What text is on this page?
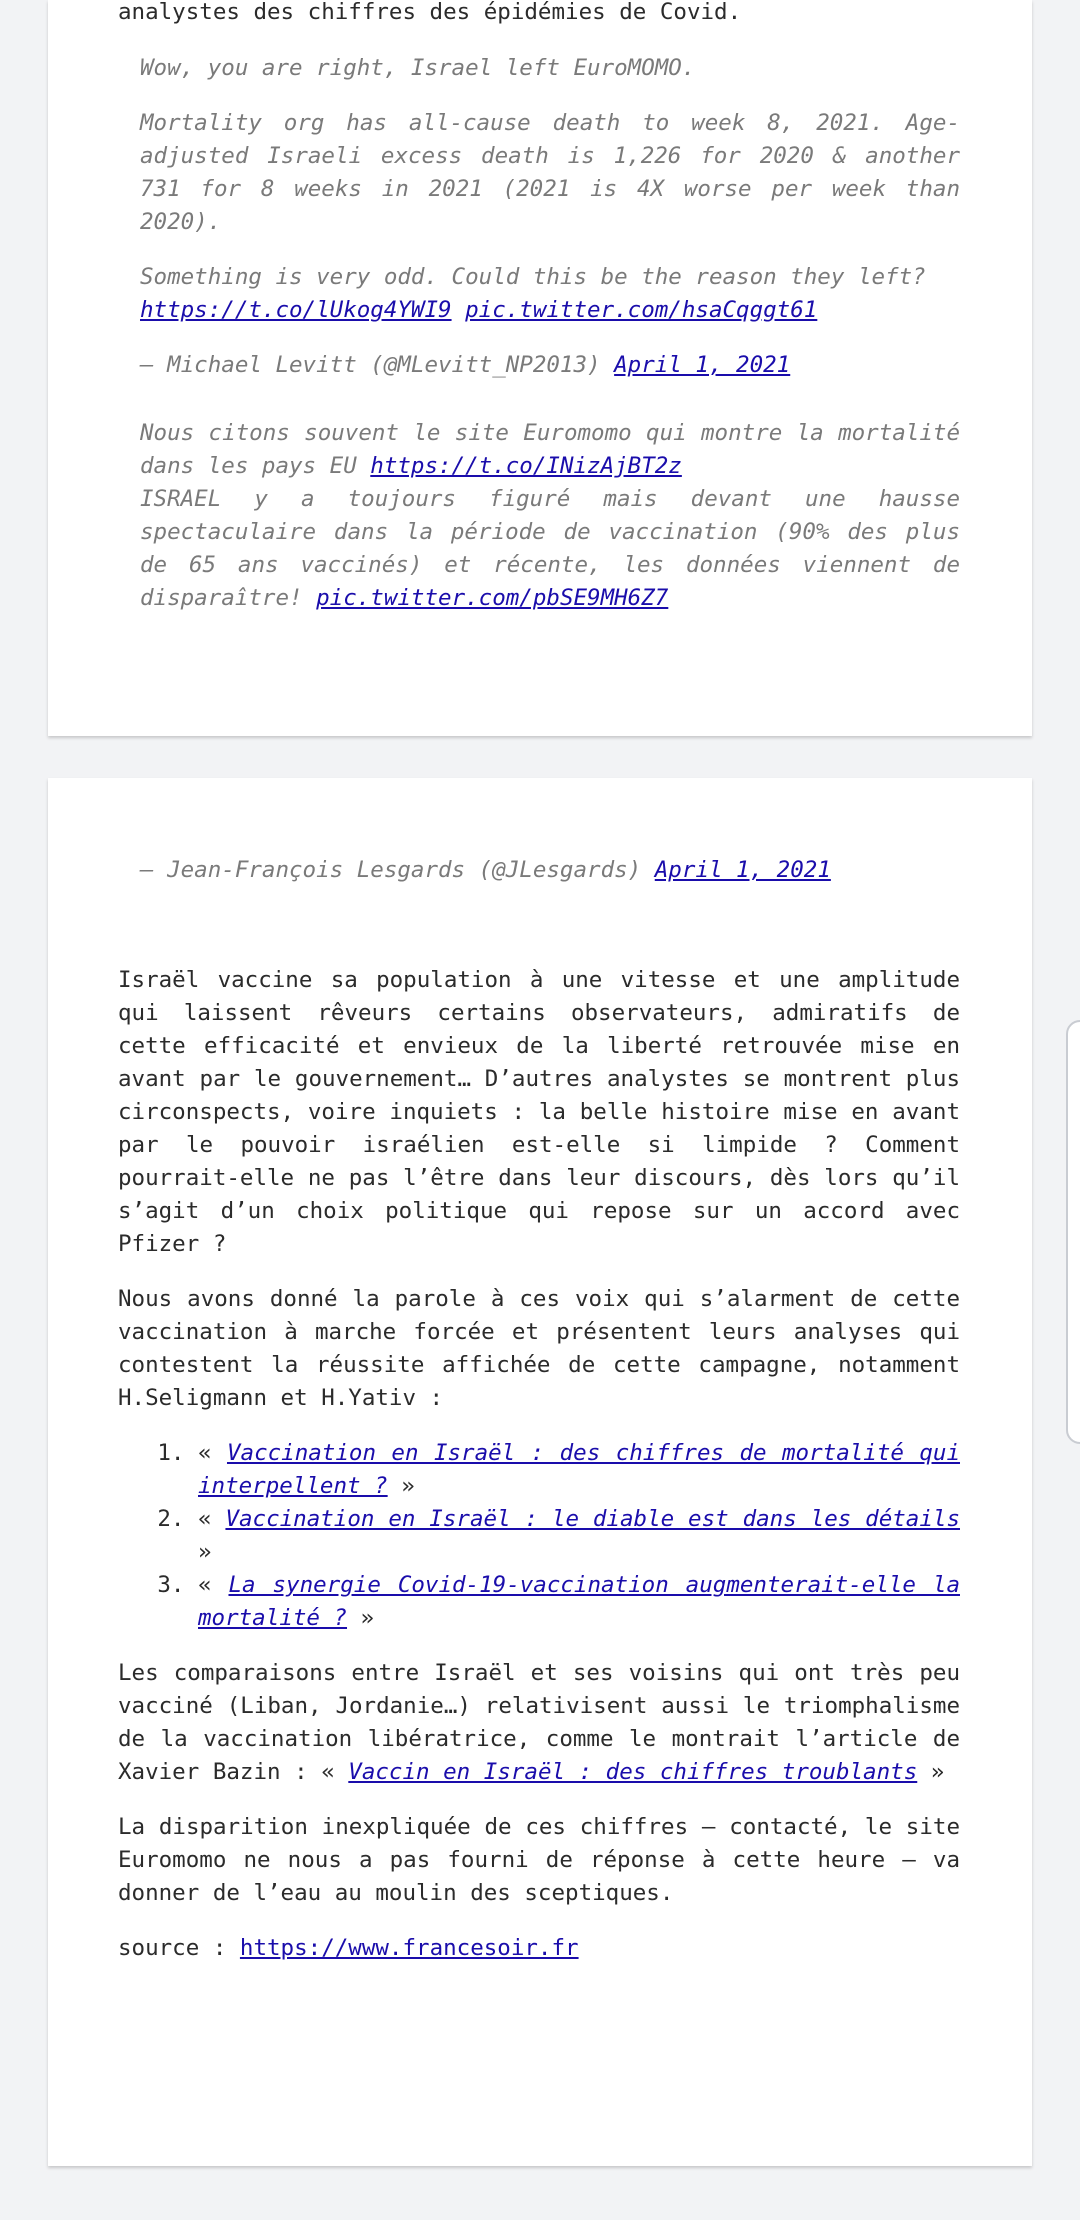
analystes des chiffres des épidémies de Covid.

Wow, you are right, Israel left EuroMOMO.

Mortality org has all-cause death to week 8, 2021. Age-adjusted Israeli excess death is 1,226 for 2020 & another 731 for 8 weeks in 2021 (2021 is 4X worse per week than 2020).

Something is very odd. Could this be the reason they left?
https://t.co/lUkog4YWI9 pic.twitter.com/hsaCqggt61

— Michael Levitt (@MLevitt_NP2013) April 1, 2021

Nous citons souvent le site Euromomo qui montre la mortalité dans les pays EU https://t.co/INizAjBT2z
ISRAEL y a toujours figuré mais devant une hausse spectaculaire dans la période de vaccination (90% des plus de 65 ans vaccinés) et récente, les données viennent de disparaître! pic.twitter.com/pbSE9MH6Z7

— Jean-François Lesgards (@JLesgards) April 1, 2021

Israël vaccine sa population à une vitesse et une amplitude qui laissent rêveurs certains observateurs, admiratifs de cette efficacité et envieux de la liberté retrouvée mise en avant par le gouvernement… D’autres analystes se montrent plus circonspects, voire inquiets : la belle histoire mise en avant par le pouvoir israélien est-elle si limpide ? Comment pourrait-elle ne pas l’être dans leur discours, dès lors qu’il s’agit d’un choix politique qui repose sur un accord avec Pfizer ?

Nous avons donné la parole à ces voix qui s’alarment de cette vaccination à marche forcée et présentent leurs analyses qui contestent la réussite affichée de cette campagne, notamment H.Seligmann et H.Yativ :

1. « Vaccination en Israël : des chiffres de mortalité qui interpellent ? »
2. « Vaccination en Israël : le diable est dans les détails »
3. « La synergie Covid-19-vaccination augmenterait-elle la mortalité ? »

Les comparaisons entre Israël et ses voisins qui ont très peu vacciné (Liban, Jordanie…) relativisent aussi le triomphalisme de la vaccination libératrice, comme le montrait l’article de Xavier Bazin : « Vaccin en Israël : des chiffres troublants »

La disparition inexpliquée de ces chiffres — contacté, le site Euromomo ne nous a pas fourni de réponse à cette heure — va donner de l’eau au moulin des sceptiques.

source : https://www.francesoir.fr
